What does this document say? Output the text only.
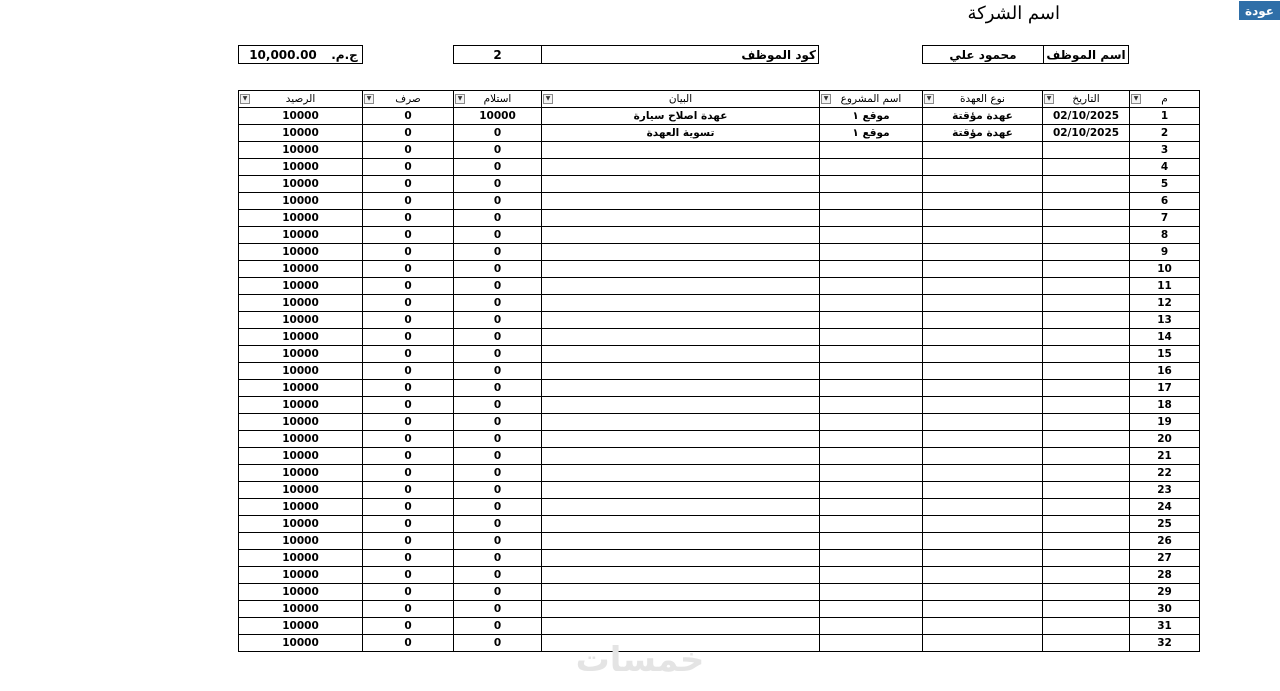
عودة
اسم الشركة
محمود علي	اسم الموظف
2	كود الموظف
10,000.00	ج.م.
▼ الرصيد	▼ صرف	▼ استلام	▼ البيان	▼ اسم المشروع	▼ نوع العهدة	▼ التاريخ	▼ م
10000	0	10000	عهدة اصلاح سيارة	موقع ١	عهدة مؤقتة	02/10/2025	1
10000	0	0	تسوية العهدة	موقع ١	عهدة مؤقتة	02/10/2025	2
10000	0	0					3
10000	0	0					4
10000	0	0					5
10000	0	0					6
10000	0	0					7
10000	0	0					8
10000	0	0					9
10000	0	0					10
10000	0	0					11
10000	0	0					12
10000	0	0					13
10000	0	0					14
10000	0	0					15
10000	0	0					16
10000	0	0					17
10000	0	0					18
10000	0	0					19
10000	0	0					20
10000	0	0					21
10000	0	0					22
10000	0	0					23
10000	0	0					24
10000	0	0					25
10000	0	0					26
10000	0	0					27
10000	0	0					28
10000	0	0					29
10000	0	0					30
10000	0	0					31
10000	0	0					32
خمسات
